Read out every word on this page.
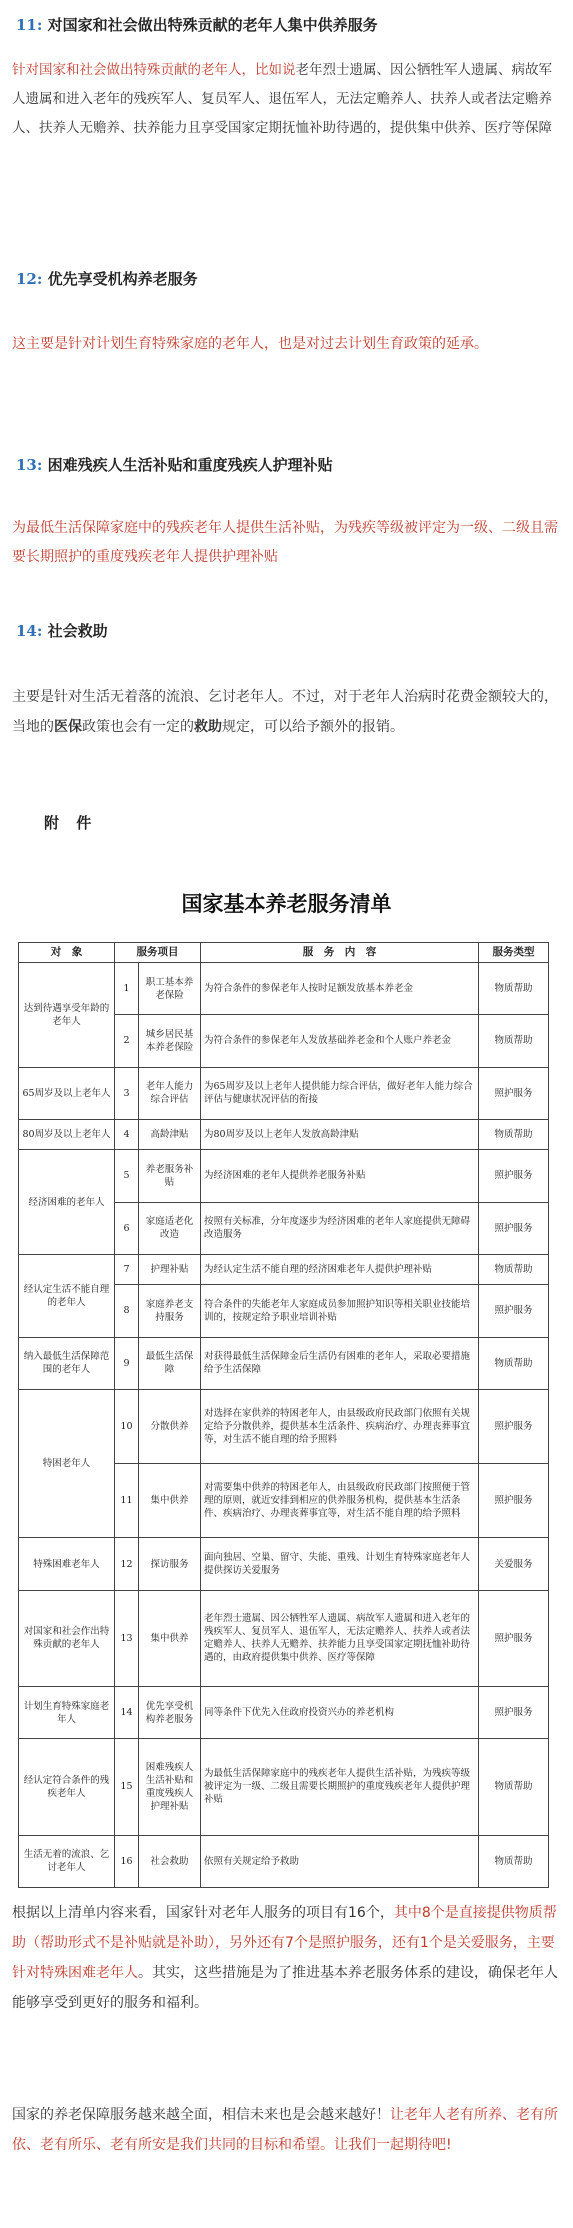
11: 对国家和社会做出特殊贡献的老年人集中供养服务
针对国家和社会做出特殊贡献的老年人，比如说老年烈士遗属、因公牺牲军人遗属、病故军人遗属和进入老年的残疾军人、复员军人、退伍军人，无法定赡养人、扶养人或者法定赡养人、扶养人无赡养、扶养能力且享受国家定期抚恤补助待遇的，提供集中供养、医疗等保障
12: 优先享受机构养老服务
这主要是针对计划生育特殊家庭的老年人，也是对过去计划生育政策的延承。
13: 困难残疾人生活补贴和重度残疾人护理补贴
为最低生活保障家庭中的残疾老年人提供生活补贴，为残疾等级被评定为一级、二级且需要长期照护的重度残疾老年人提供护理补贴
14: 社会救助
主要是针对生活无着落的流浪、乞讨老年人。不过，对于老年人治病时花费金额较大的，当地的医保政策也会有一定的救助规定，可以给予额外的报销。
附 件
国家基本养老服务清单
对　象	服务项目		服　务　内　容	服务类型
达到待遇享受年龄的老年人	1	职工基本养老保险	为符合条件的参保老年人按时足额发放基本养老金	物质帮助
	2	城乡居民基本养老保险	为符合条件的参保老年人发放基础养老金和个人账户养老金	物质帮助
65周岁及以上老年人	3	老年人能力综合评估	为65周岁及以上老年人提供能力综合评估，做好老年人能力综合评估与健康状况评估的衔接	照护服务
80周岁及以上老年人	4	高龄津贴	为80周岁及以上老年人发放高龄津贴	物质帮助
经济困难的老年人	5	养老服务补贴	为经济困难的老年人提供养老服务补贴	照护服务
	6	家庭适老化改造	按照有关标准，分年度逐步为经济困难的老年人家庭提供无障碍改造服务	照护服务
经认定生活不能自理的老年人	7	护理补贴	为经认定生活不能自理的经济困难老年人提供护理补贴	物质帮助
	8	家庭养老支持服务	符合条件的失能老年人家庭成员参加照护知识等相关职业技能培训的，按规定给予职业培训补贴	照护服务
纳入最低生活保障范围的老年人	9	最低生活保障	对获得最低生活保障金后生活仍有困难的老年人，采取必要措施给予生活保障	物质帮助
特困老年人	10	分散供养	对选择在家供养的特困老年人，由县级政府民政部门依照有关规定给予分散供养，提供基本生活条件、疾病治疗、办理丧葬事宜等，对生活不能自理的给予照料	照护服务
	11	集中供养	对需要集中供养的特困老年人，由县级政府民政部门按照便于管理的原则，就近安排到相应的供养服务机构，提供基本生活条件、疾病治疗、办理丧葬事宜等，对生活不能自理的给予照料	照护服务
特殊困难老年人	12	探访服务	面向独居、空巢、留守、失能、重残、计划生育特殊家庭老年人提供探访关爱服务	关爱服务
对国家和社会作出特殊贡献的老年人	13	集中供养	老年烈士遗属、因公牺牲军人遗属、病故军人遗属和进入老年的残疾军人、复员军人、退伍军人，无法定赡养人、扶养人或者法定赡养人、扶养人无赡养、扶养能力且享受国家定期抚恤补助待遇的，由政府提供集中供养、医疗等保障	照护服务
计划生育特殊家庭老年人	14	优先享受机构养老服务	同等条件下优先入住政府投资兴办的养老机构	照护服务
经认定符合条件的残疾老年人	15	困难残疾人生活补贴和重度残疾人护理补贴	为最低生活保障家庭中的残疾老年人提供生活补贴，为残疾等级被评定为一级、二级且需要长期照护的重度残疾老年人提供护理补贴	物质帮助
生活无着的流浪、乞讨老年人	16	社会救助	依照有关规定给予救助	物质帮助
根据以上清单内容来看，国家针对老年人服务的项目有16个，其中8个是直接提供物质帮助（帮助形式不是补贴就是补助），另外还有7个是照护服务，还有1个是关爱服务，主要针对特殊困难老年人。其实，这些措施是为了推进基本养老服务体系的建设，确保老年人能够享受到更好的服务和福利。
国家的养老保障服务越来越全面，相信未来也是会越来越好！让老年人老有所养、老有所依、老有所乐、老有所安是我们共同的目标和希望。让我们一起期待吧!
